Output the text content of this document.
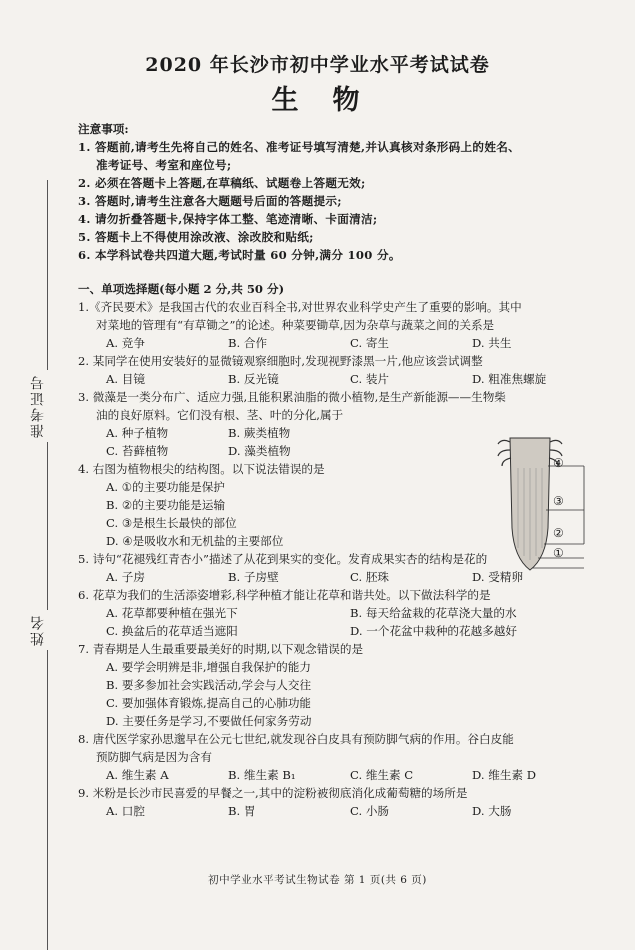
2020 年长沙市初中学业水平考试试卷
生物
准考证号
姓名
注意事项:
1. 答题前,请考生先将自己的姓名、准考证号填写清楚,并认真核对条形码上的姓名、
准考证号、考室和座位号;
2. 必须在答题卡上答题,在草稿纸、试题卷上答题无效;
3. 答题时,请考生注意各大题题号后面的答题提示;
4. 请勿折叠答题卡,保持字体工整、笔迹清晰、卡面清洁;
5. 答题卡上不得使用涂改液、涂改胶和贴纸;
6. 本学科试卷共四道大题,考试时量 60 分钟,满分 100 分。
一、单项选择题(每小题 2 分,共 50 分)
1.《齐民要术》是我国古代的农业百科全书,对世界农业科学史产生了重要的影响。其中
对菜地的管理有“有草锄之”的论述。种菜要锄草,因为杂草与蔬菜之间的关系是
A. 竞争	B. 合作	C. 寄生	D. 共生
2. 某同学在使用安装好的显微镜观察细胞时,发现视野漆黑一片,他应该尝试调整
A. 目镜	B. 反光镜	C. 装片	D. 粗准焦螺旋
3. 微藻是一类分布广、适应力强,且能积累油脂的微小植物,是生产新能源——生物柴
油的良好原料。它们没有根、茎、叶的分化,属于
A. 种子植物	B. 蕨类植物
C. 苔藓植物	D. 藻类植物
4. 右图为植物根尖的结构图。以下说法错误的是
A. ①的主要功能是保护
B. ②的主要功能是运输
C. ③是根生长最快的部位
D. ④是吸收水和无机盐的主要部位
5. 诗句“花褪残红青杏小”描述了从花到果实的变化。发育成果实杏的结构是花的
A. 子房	B. 子房壁	C. 胚珠	D. 受精卵
6. 花草为我们的生活添姿增彩,科学种植才能让花草和谐共处。以下做法科学的是
A. 花草都要种植在强光下	B. 每天给盆栽的花草浇大量的水
C. 换盆后的花草适当遮阳	D. 一个花盆中栽种的花越多越好
7. 青春期是人生最重要最美好的时期,以下观念错误的是
A. 要学会明辨是非,增强自我保护的能力
B. 要多参加社会实践活动,学会与人交往
C. 要加强体育锻炼,提高自己的心肺功能
D. 主要任务是学习,不要做任何家务劳动
8. 唐代医学家孙思邈早在公元七世纪,就发现谷白皮具有预防脚气病的作用。谷白皮能
预防脚气病是因为含有
A. 维生素 A	B. 维生素 B₁	C. 维生素 C	D. 维生素 D
9. 米粉是长沙市民喜爱的早餐之一,其中的淀粉被彻底消化成葡萄糖的场所是
A. 口腔	B. 胃	C. 小肠	D. 大肠
④
③
②
①
初中学业水平考试生物试卷 第 1 页(共 6 页)
